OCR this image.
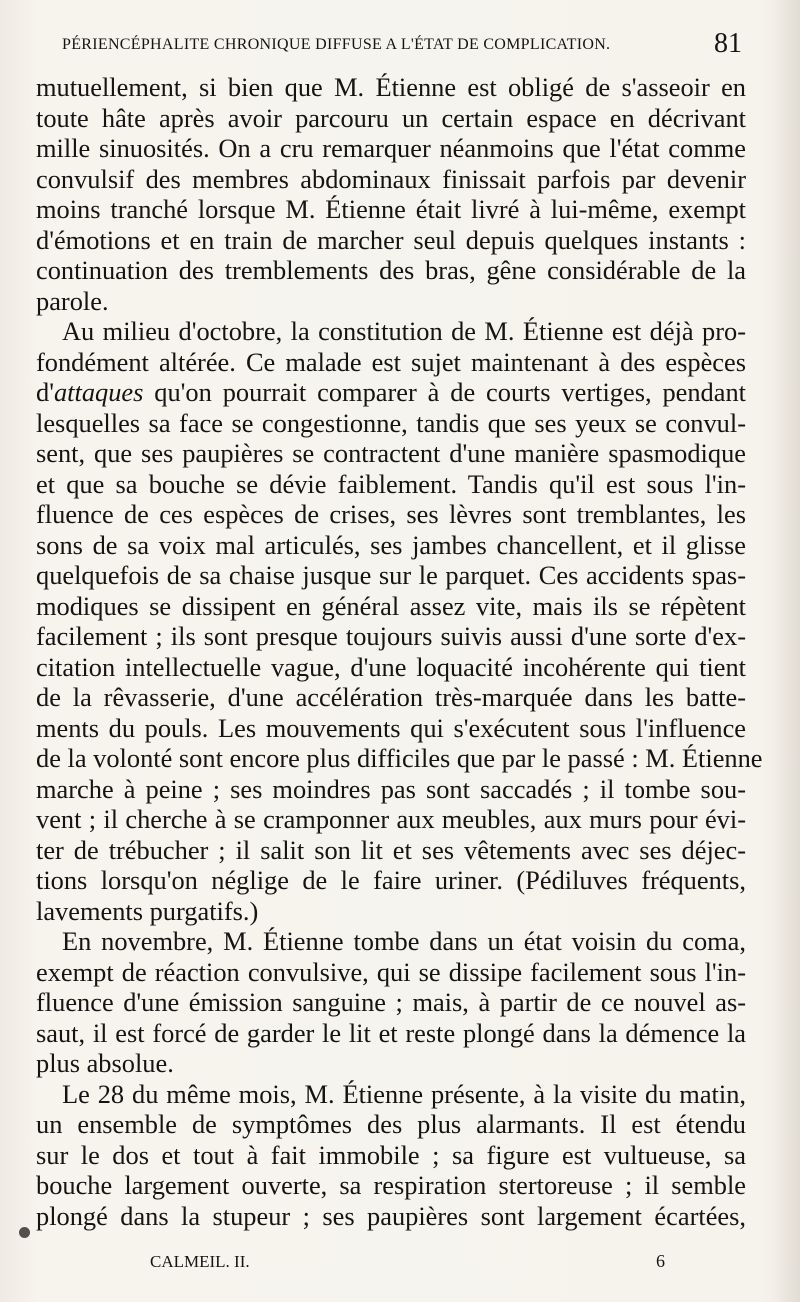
PÉRIENCÉPHALITE CHRONIQUE DIFFUSE A L'ÉTAT DE COMPLICATION.	81
mutuellement, si bien que M. Étienne est obligé de s'asseoir en
toute hâte après avoir parcouru un certain espace en décrivant
mille sinuosités. On a cru remarquer néanmoins que l'état comme
convulsif des membres abdominaux finissait parfois par devenir
moins tranché lorsque M. Étienne était livré à lui-même, exempt
d'émotions et en train de marcher seul depuis quelques instants :
continuation des tremblements des bras, gêne considérable de la
parole.
Au milieu d'octobre, la constitution de M. Étienne est déjà pro-
fondément altérée. Ce malade est sujet maintenant à des espèces
d'attaques qu'on pourrait comparer à de courts vertiges, pendant
lesquelles sa face se congestionne, tandis que ses yeux se convul-
sent, que ses paupières se contractent d'une manière spasmodique
et que sa bouche se dévie faiblement. Tandis qu'il est sous l'in-
fluence de ces espèces de crises, ses lèvres sont tremblantes, les
sons de sa voix mal articulés, ses jambes chancellent, et il glisse
quelquefois de sa chaise jusque sur le parquet. Ces accidents spas-
modiques se dissipent en général assez vite, mais ils se répètent
facilement ; ils sont presque toujours suivis aussi d'une sorte d'ex-
citation intellectuelle vague, d'une loquacité incohérente qui tient
de la rêvasserie, d'une accélération très-marquée dans les batte-
ments du pouls. Les mouvements qui s'exécutent sous l'influence
de la volonté sont encore plus difficiles que par le passé : M. Étienne
marche à peine ; ses moindres pas sont saccadés ; il tombe sou-
vent ; il cherche à se cramponner aux meubles, aux murs pour évi-
ter de trébucher ; il salit son lit et ses vêtements avec ses déjec-
tions lorsqu'on néglige de le faire uriner. (Pédiluves fréquents,
lavements purgatifs.)
En novembre, M. Étienne tombe dans un état voisin du coma,
exempt de réaction convulsive, qui se dissipe facilement sous l'in-
fluence d'une émission sanguine ; mais, à partir de ce nouvel as-
saut, il est forcé de garder le lit et reste plongé dans la démence la
plus absolue.
Le 28 du même mois, M. Étienne présente, à la visite du matin,
un ensemble de symptômes des plus alarmants. Il est étendu
sur le dos et tout à fait immobile ; sa figure est vultueuse, sa
bouche largement ouverte, sa respiration stertoreuse ; il semble
plongé dans la stupeur ; ses paupières sont largement écartées,
CALMEIL. II.	6
